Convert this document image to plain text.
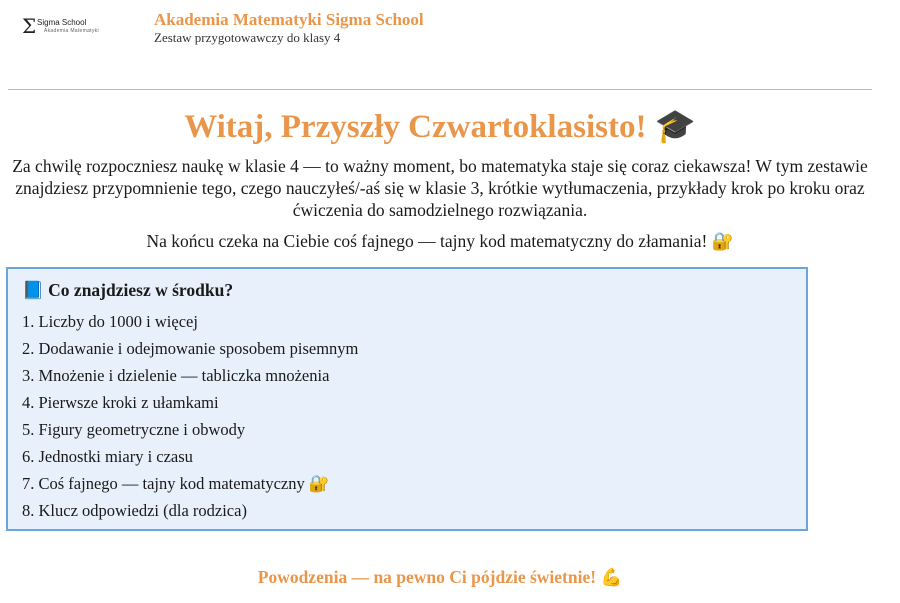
Σ Sigma School
Akademia Matematyki
Akademia Matematyki Sigma School
Zestaw przygotowawczy do klasy 4
Witaj, Przyszły Czwartoklasisto! 🎓

Za chwilę rozpoczniesz naukę w klasie 4 — to ważny moment, bo matematyka staje się coraz ciekawsza! W tym zestawie znajdziesz przypomnienie tego, czego nauczyłeś/-aś się w klasie 3, krótkie wytłumaczenia, przykłady krok po kroku oraz ćwiczenia do samodzielnego rozwiązania.

Na końcu czeka na Ciebie coś fajnego — tajny kod matematyczny do złamania! 🔐

📘 Co znajdziesz w środku?
1. Liczby do 1000 i więcej
2. Dodawanie i odejmowanie sposobem pisemnym
3. Mnożenie i dzielenie — tabliczka mnożenia
4. Pierwsze kroki z ułamkami
5. Figury geometryczne i obwody
6. Jednostki miary i czasu
7. Coś fajnego — tajny kod matematyczny 🔐
8. Klucz odpowiedzi (dla rodzica)

Powodzenia — na pewno Ci pójdzie świetnie! 💪
